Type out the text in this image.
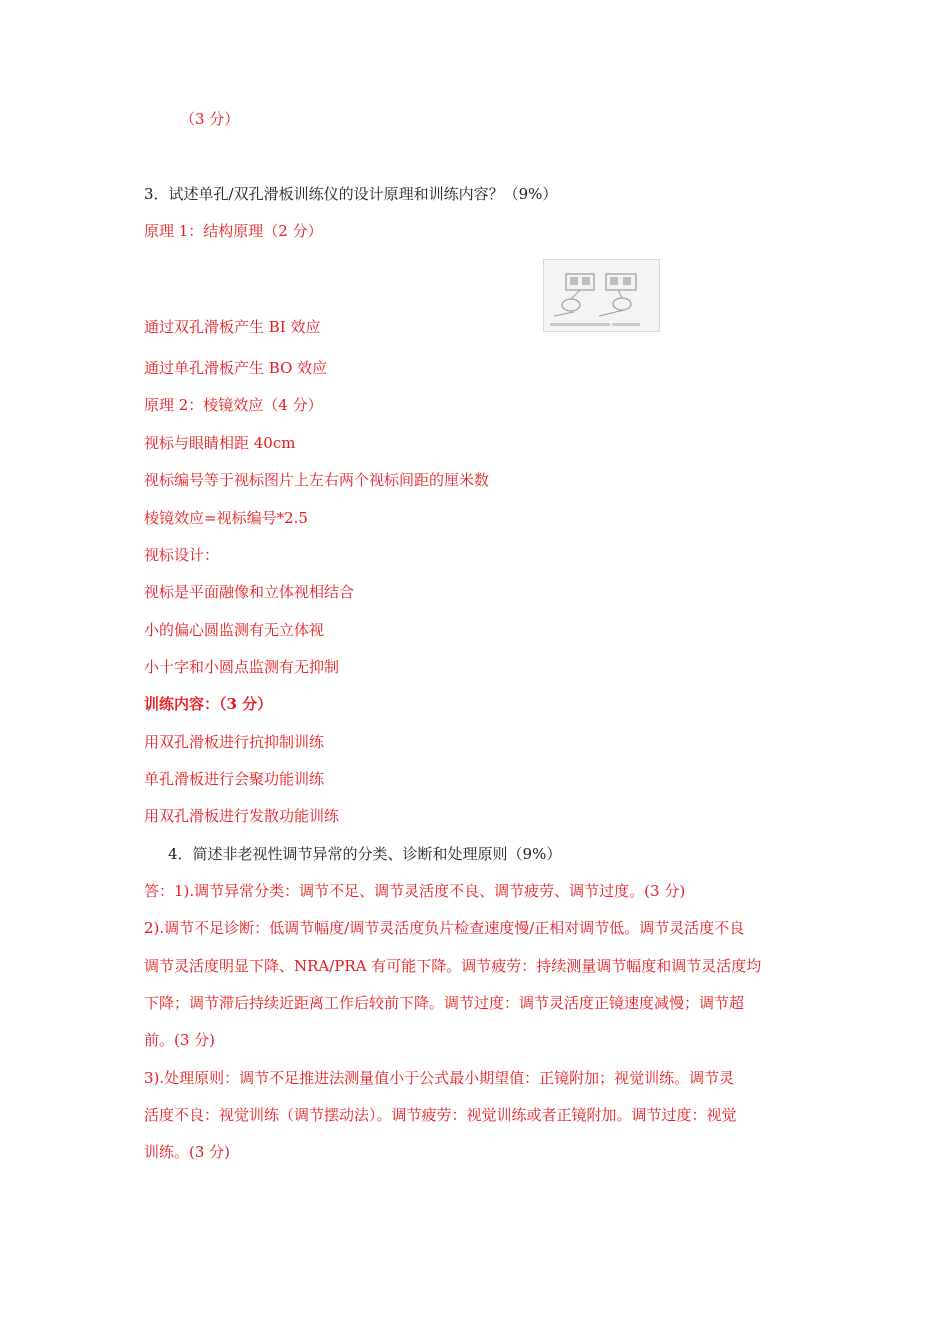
（3 分）
3．试述单孔/双孔滑板训练仪的设计原理和训练内容？（9%）
原理 1：结构原理（2 分）
通过双孔滑板产生 BI 效应
通过单孔滑板产生 BO 效应
原理 2：棱镜效应（4 分）
视标与眼睛相距 40cm
视标编号等于视标图片上左右两个视标间距的厘米数
棱镜效应=视标编号*2.5
视标设计：
视标是平面融像和立体视相结合
小的偏心圆监测有无立体视
小十字和小圆点监测有无抑制
训练内容：（3 分）
用双孔滑板进行抗抑制训练
单孔滑板进行会聚功能训练
用双孔滑板进行发散功能训练
4．简述非老视性调节异常的分类、诊断和处理原则（9%）
答：1).调节异常分类：调节不足、调节灵活度不良、调节疲劳、调节过度。(3 分)
2).调节不足诊断：低调节幅度/调节灵活度负片检查速度慢/正相对调节低。调节灵活度不良
调节灵活度明显下降、NRA/PRA 有可能下降。调节疲劳：持续测量调节幅度和调节灵活度均
下降；调节滞后持续近距离工作后较前下降。调节过度：调节灵活度正镜速度减慢；调节超
前。(3 分)
3).处理原则：调节不足推进法测量值小于公式最小期望值：正镜附加；视觉训练。调节灵
活度不良：视觉训练（调节摆动法）。调节疲劳：视觉训练或者正镜附加。调节过度：视觉
训练。(3 分)
